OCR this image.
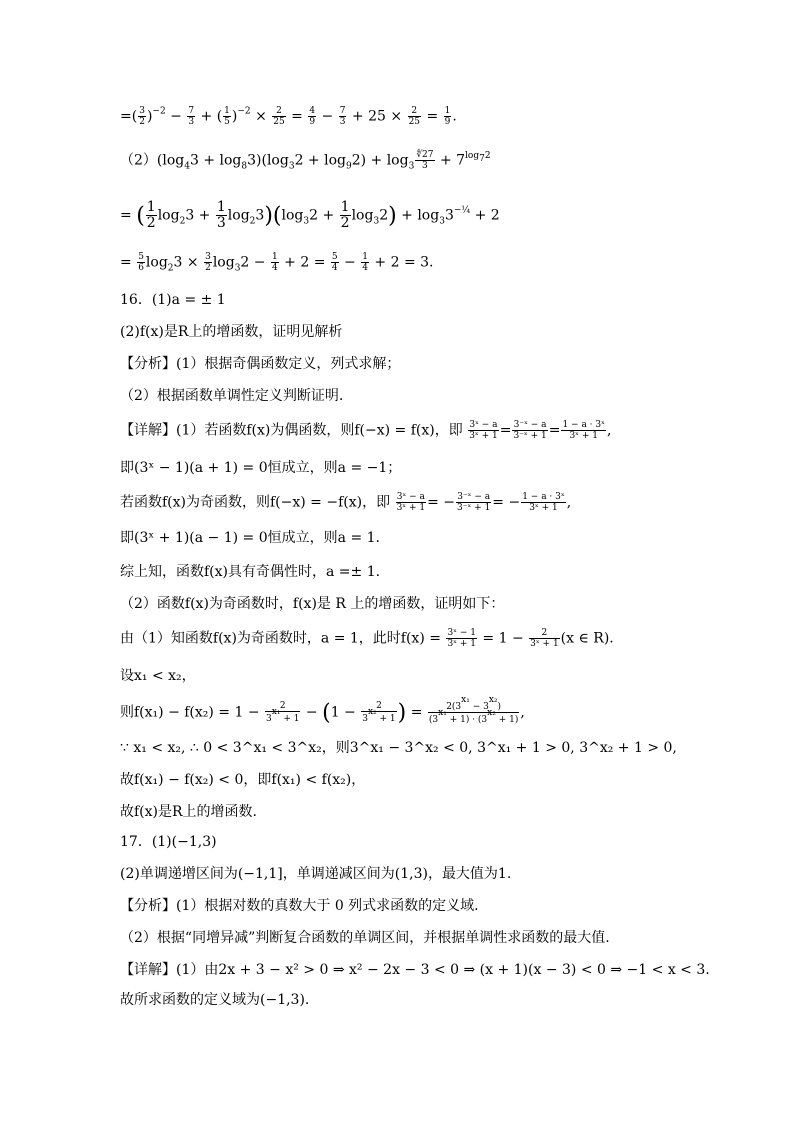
=( $\frac{3}{2} )^{-2} - \frac{7}{3}$ + ( $\frac{1}{5} )^{-2} \times \frac{2}{25} = \frac{4}{9} - \frac{7}{3} + 25 \times \frac{2}{25} = \frac{1}{9}$ .
$(2)(\log_43 + \log_83)(\log_32 + \log_92) + \log_3 \frac{∜27}{3} + 7^{log_72}$
= ( $\frac{1}{2} \log_23 + \frac{1}{3} \log_23)(\log_32 + \frac{1}{2} \log_32) + \log_33^{-\frac{1}{4}} + 2$
= $\frac{5}{6} \log_23 \times \frac{3}{2} \log_32 - \frac{1}{4} + 2 = \frac{5}{4} - \frac{1}{4} + 2 = 3$.
16．(1)a = ± 1
(2)f(x)是R上的增函数，证明见解析
【分析】(1）根据奇偶函数定义，列式求解；
（2）根据函数单调性定义判断证明.
【详解】(1）若函数f(x)为偶函数，则f(−x) = f(x)，即 $\frac{\text{3ˣ − a}}{\text{3ˣ + 1}} = \frac{\text{3⁻ˣ − a}}{\text{3⁻ˣ + 1}} = \frac{\text{1 − a · 3ˣ}}{\text{3ˣ + 1}}$ ,
即(3ˣ − 1)(a + 1) = 0恒成立，则a = −1；
若函数f(x)为奇函数，则f(−x) = −f(x)，即 $\frac{\text{3ˣ − a}}{\text{3ˣ + 1}}$ = − $\frac{\text{3⁻ˣ − a}}{\text{3⁻ˣ + 1}}$ = − $\frac{\text{1 − a · 3ˣ}}{\text{3ˣ + 1}}$ ,
即(3ˣ + 1)(a − 1) = 0恒成立，则a = 1.
综上知，函数f(x)具有奇偶性时，a =± 1.
（2）函数f(x)为奇函数时，f(x)是 R 上的增函数，证明如下：
由（1）知函数f(x)为奇函数时，a = 1，此时$f(x) = \frac{\text{3ˣ − 1}}{\text{3ˣ + 1}} = 1 - \frac{2}{\text{3ˣ + 1}} (x$ ∈ R).
设x₁ < x₂，
则$f(x_1) - f(x_2) = 1 - \frac{2}{3^{x_1} + 1} - (1 - \frac{2}{3^{x_2} + 1}$ ) = $\frac{2(3^{x_1} - 3^{x_2})}{(3^{x_1} + 1) \cdot (3^{x_2} + 1)}$ ,
∵ x₁ < x₂, ∴ 0 < 3^x₁ < 3^x₂，则3^x₁ − 3^x₂ < 0, 3^x₁ + 1 > 0, 3^x₂ + 1 > 0,
故f(x₁) − f(x₂) < 0，即f(x₁) < f(x₂)，
故f(x)是R上的增函数.
17．(1)(−1,3)
(2)单调递增区间为(−1,1]，单调递减区间为(1,3)，最大值为1.
【分析】(1）根据对数的真数大于 0 列式求函数的定义域.
（2）根据“同增异减”判断复合函数的单调区间，并根据单调性求函数的最大值.
【详解】(1）由2x + 3 − x² > 0 ⇒ x² − 2x − 3 < 0 ⇒ (x + 1)(x − 3) < 0 ⇒ −1 < x < 3.
故所求函数的定义域为(−1,3).
